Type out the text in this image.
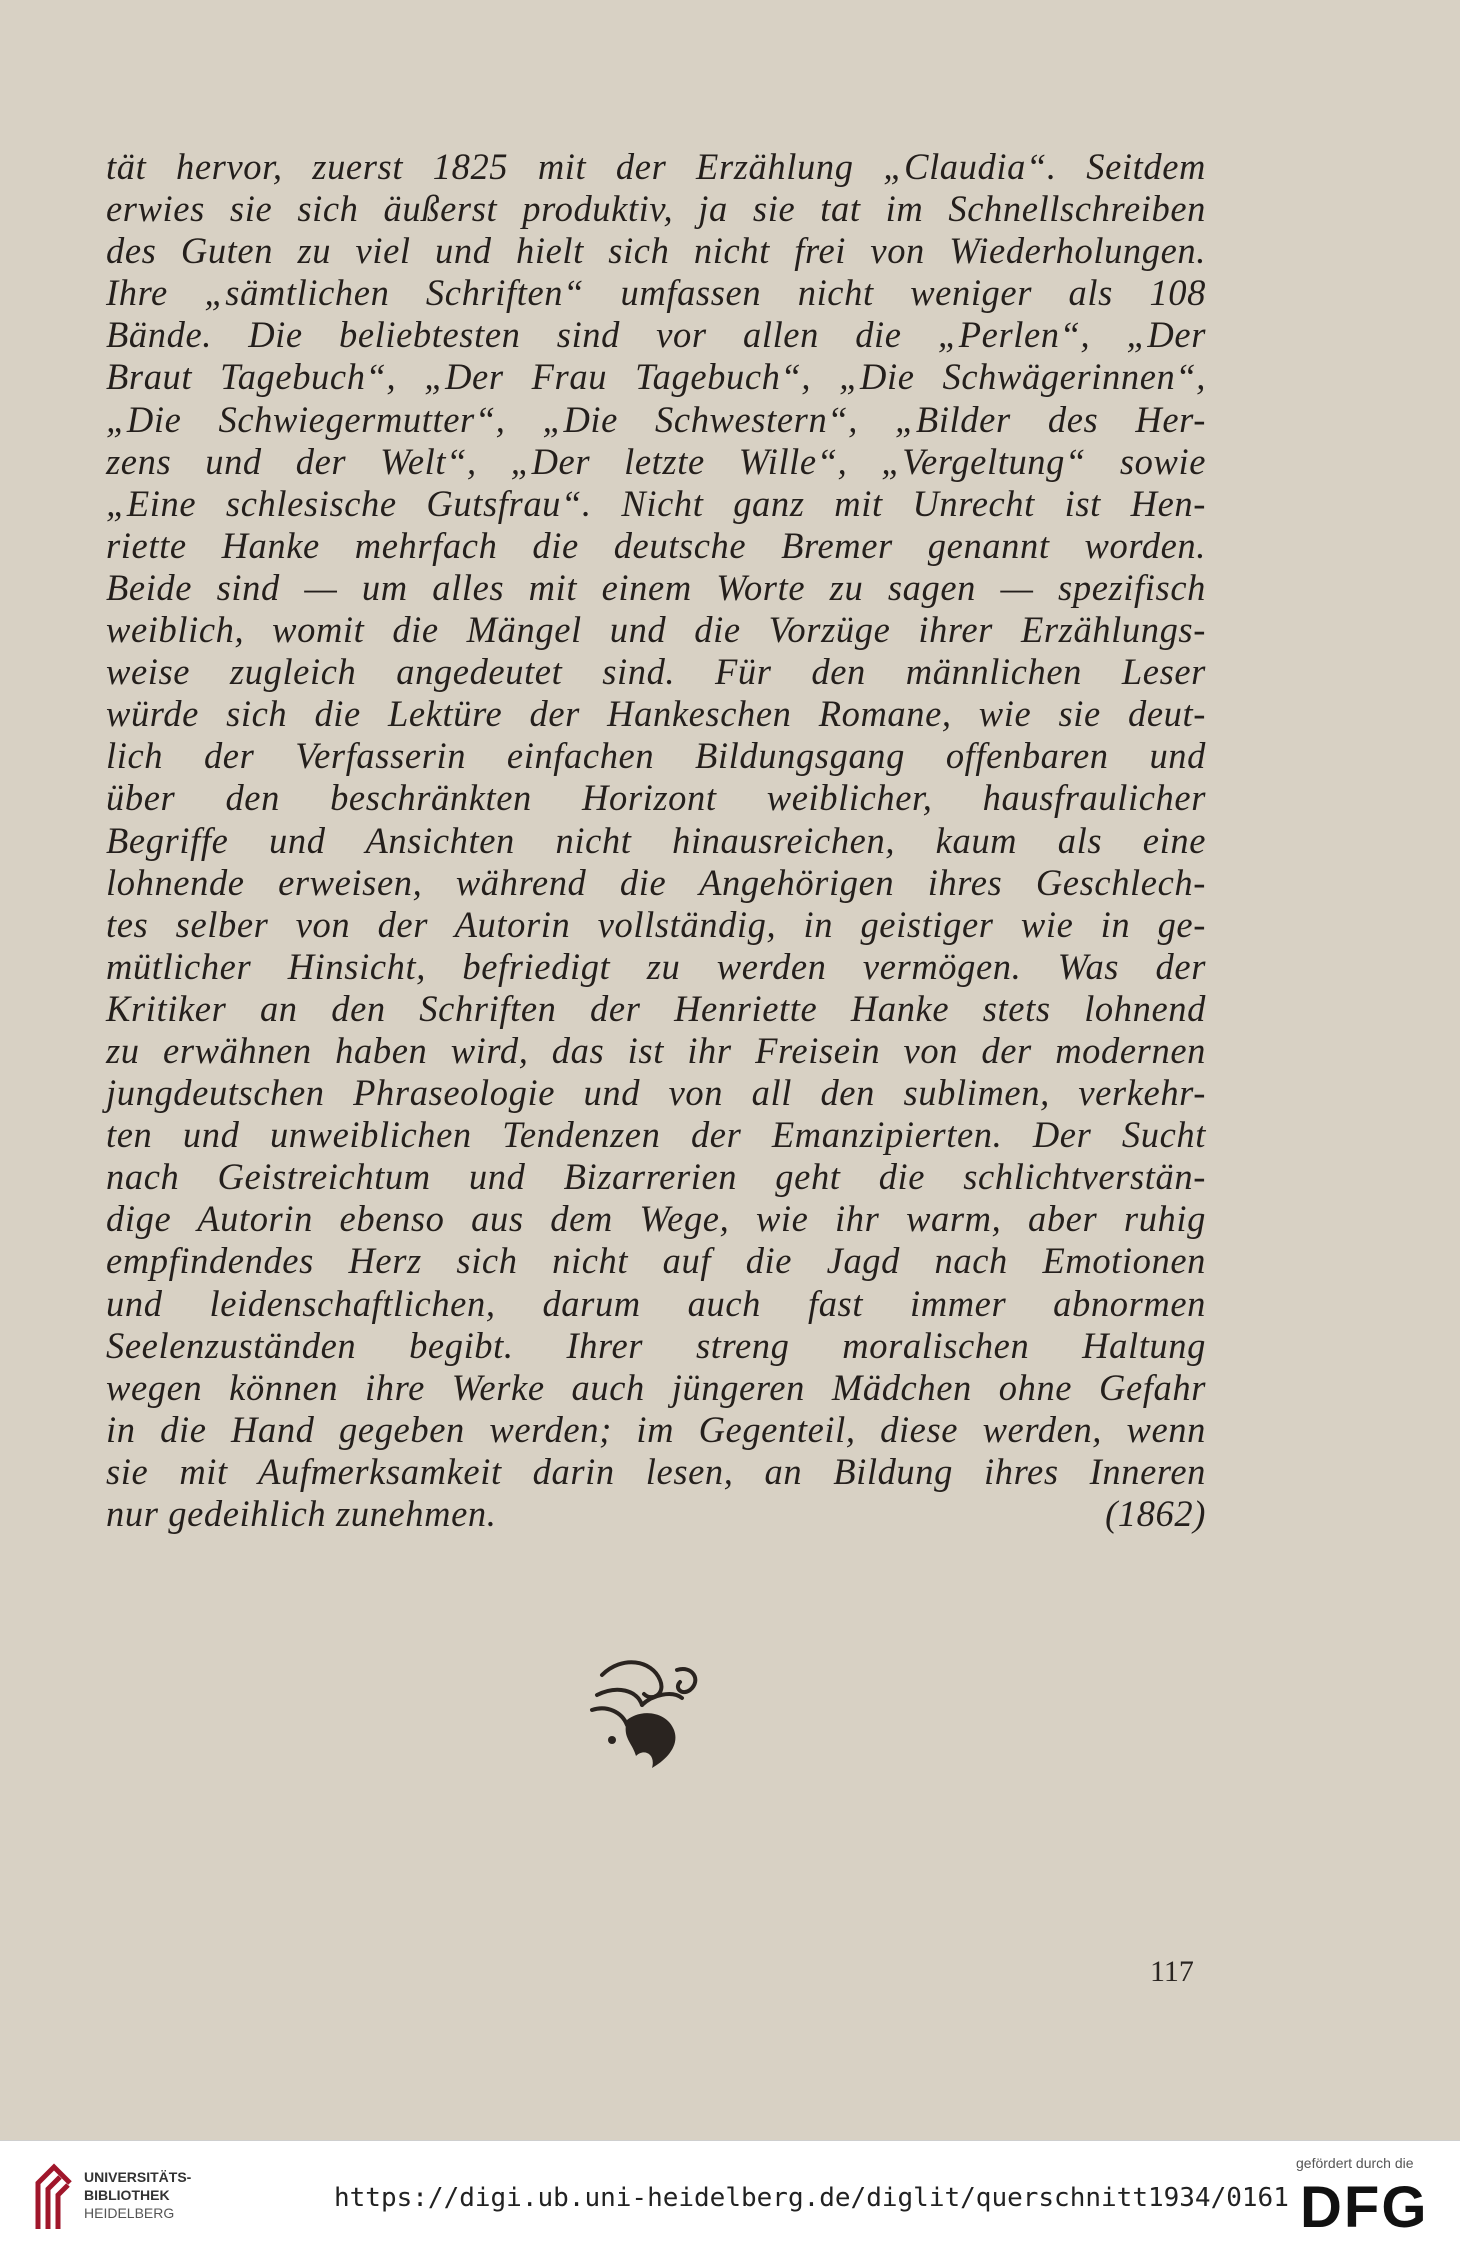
tät hervor, zuerst 1825 mit der Erzählung „Claudia“. Seitdem
erwies sie sich äußerst produktiv, ja sie tat im Schnellschreiben
des Guten zu viel und hielt sich nicht frei von Wiederholungen.
Ihre „sämtlichen Schriften“ umfassen nicht weniger als 108
Bände. Die beliebtesten sind vor allen die „Perlen“, „Der
Braut Tagebuch“, „Der Frau Tagebuch“, „Die Schwägerinnen“,
„Die Schwiegermutter“, „Die Schwestern“, „Bilder des Her-
zens und der Welt“, „Der letzte Wille“, „Vergeltung“ sowie
„Eine schlesische Gutsfrau“. Nicht ganz mit Unrecht ist Hen-
riette Hanke mehrfach die deutsche Bremer genannt worden.
Beide sind — um alles mit einem Worte zu sagen — spezifisch
weiblich, womit die Mängel und die Vorzüge ihrer Erzählungs-
weise zugleich angedeutet sind. Für den männlichen Leser
würde sich die Lektüre der Hankeschen Romane, wie sie deut-
lich der Verfasserin einfachen Bildungsgang offenbaren und
über den beschränkten Horizont weiblicher, hausfraulicher
Begriffe und Ansichten nicht hinausreichen, kaum als eine
lohnende erweisen, während die Angehörigen ihres Geschlech-
tes selber von der Autorin vollständig, in geistiger wie in ge-
mütlicher Hinsicht, befriedigt zu werden vermögen. Was der
Kritiker an den Schriften der Henriette Hanke stets lohnend
zu erwähnen haben wird, das ist ihr Freisein von der modernen
jungdeutschen Phraseologie und von all den sublimen, verkehr-
ten und unweiblichen Tendenzen der Emanzipierten. Der Sucht
nach Geistreichtum und Bizarrerien geht die schlichtverstän-
dige Autorin ebenso aus dem Wege, wie ihr warm, aber ruhig
empfindendes Herz sich nicht auf die Jagd nach Emotionen
und leidenschaftlichen, darum auch fast immer abnormen
Seelenzuständen begibt. Ihrer streng moralischen Haltung
wegen können ihre Werke auch jüngeren Mädchen ohne Gefahr
in die Hand gegeben werden; im Gegenteil, diese werden, wenn
sie mit Aufmerksamkeit darin lesen, an Bildung ihres Inneren
nur gedeihlich zunehmen.	(1862)
117
UNIVERSITÄTS-
BIBLIOTHEK
HEIDELBERG	https://digi.ub.uni-heidelberg.de/diglit/querschnitt1934/0161
gefördert durch die
DFG
